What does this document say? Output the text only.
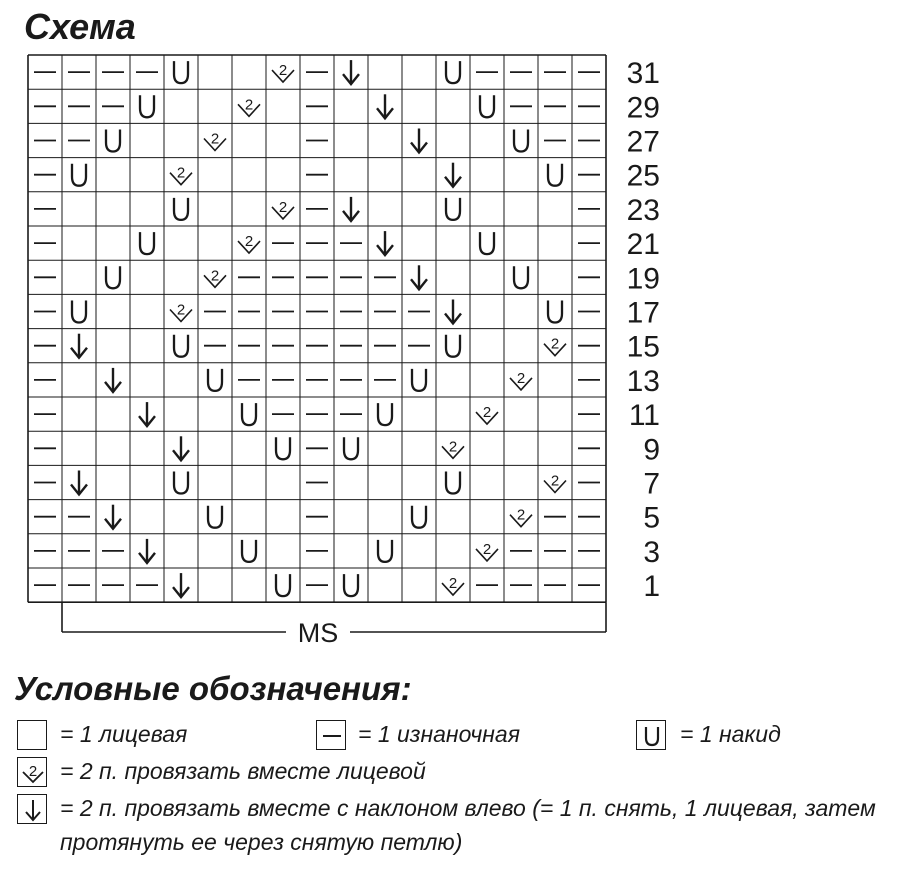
Схема
2
2
2
2
2
2
2
2
2
2
2
2
2
2
2
2
31
29
27
25
23
21
19
17
15
13
11
9
7
5
3
1
MS
Условные обозначения:
= 1 лицевая	= 1 изнаночная	= 1 накид
2 = 2 п. провязать вместе лицевой
= 2 п. провязать вместе с наклоном влево (= 1 п. снять, 1 лицевая, затем
протянуть ее через снятую петлю)
